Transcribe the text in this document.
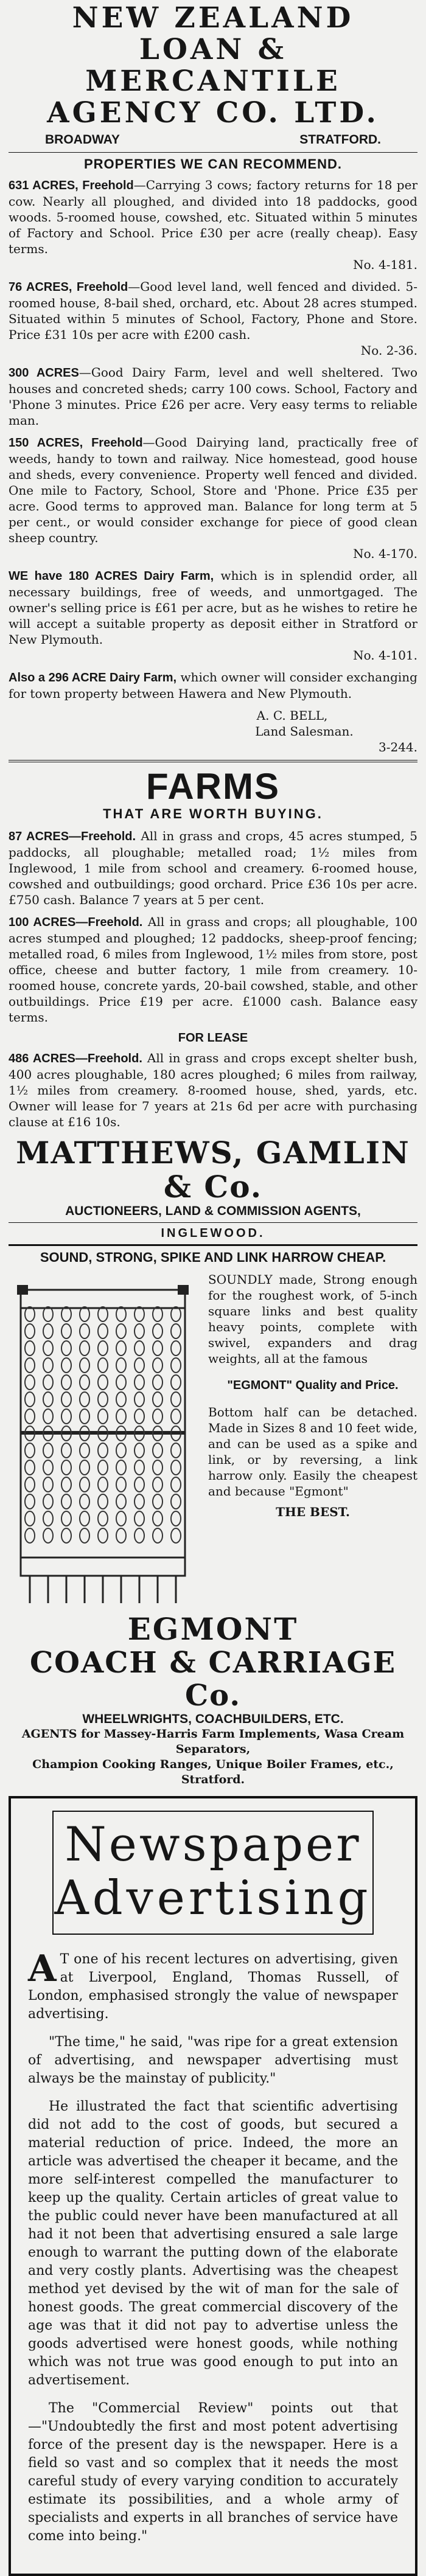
NEW ZEALAND
LOAN & MERCANTILE
AGENCY CO. LTD.
BROADWAY	STRATFORD.
PROPERTIES WE CAN RECOMMEND.
631 ACRES, Freehold—Carrying 3 cows; factory returns for 18 per cow. Nearly all ploughed, and divided into 18 paddocks, good woods. 5-roomed house, cowshed, etc. Situated within 5 minutes of Factory and School. Price £30 per acre (really cheap). Easy terms.
No. 4-181.
76 ACRES, Freehold—Good level land, well fenced and divided. 5-roomed house, 8-bail shed, orchard, etc. About 28 acres stumped. Situated within 5 minutes of School, Factory, Phone and Store. Price £31 10s per acre with £200 cash.
No. 2-36.
300 ACRES—Good Dairy Farm, level and well sheltered. Two houses and concreted sheds; carry 100 cows. School, Factory and 'Phone 3 minutes. Price £26 per acre. Very easy terms to reliable man.
150 ACRES, Freehold—Good Dairying land, practically free of weeds, handy to town and railway. Nice homestead, good house and sheds, every convenience. Property well fenced and divided. One mile to Factory, School, Store and 'Phone. Price £35 per acre. Good terms to approved man. Balance for long term at 5 per cent., or would consider exchange for piece of good clean sheep country.
No. 4-170.
WE have 180 ACRES Dairy Farm, which is in splendid order, all necessary buildings, free of weeds, and unmortgaged. The owner's selling price is £61 per acre, but as he wishes to retire he will accept a suitable property as deposit either in Stratford or New Plymouth.
No. 4-101.
Also a 296 ACRE Dairy Farm, which owner will consider exchanging for town property between Hawera and New Plymouth.
A. C. BELL,
Land Salesman.
3-244.
FARMS
THAT ARE WORTH BUYING.
87 ACRES—Freehold. All in grass and crops, 45 acres stumped, 5 paddocks, all ploughable; metalled road; 1½ miles from Inglewood, 1 mile from school and creamery. 6-roomed house, cowshed and outbuildings; good orchard. Price £36 10s per acre. £750 cash. Balance 7 years at 5 per cent.
100 ACRES—Freehold. All in grass and crops; all ploughable, 100 acres stumped and ploughed; 12 paddocks, sheep-proof fencing; metalled road, 6 miles from Inglewood, 1½ miles from store, post office, cheese and butter factory, 1 mile from creamery. 10-roomed house, concrete yards, 20-bail cowshed, stable, and other outbuildings. Price £19 per acre. £1000 cash. Balance easy terms.
FOR LEASE
486 ACRES—Freehold. All in grass and crops except shelter bush, 400 acres ploughable, 180 acres ploughed; 6 miles from railway, 1½ miles from creamery. 8-roomed house, shed, yards, etc. Owner will lease for 7 years at 21s 6d per acre with purchasing clause at £16 10s.
MATTHEWS, GAMLIN & Co.
AUCTIONEERS, LAND & COMMISSION AGENTS,
INGLEWOOD.
SOUND, STRONG, SPIKE AND LINK HARROW CHEAP.
SOUNDLY made, Strong enough for the roughest work, of 5-inch square links and best quality heavy points, complete with swivel, expanders and drag weights, all at the famous
"EGMONT" Quality and Price.
Bottom half can be detached. Made in Sizes 8 and 10 feet wide, and can be used as a spike and link, or by reversing, a link harrow only. Easily the cheapest and because "Egmont"
THE BEST.
EGMONT
COACH & CARRIAGE Co.
WHEELWRIGHTS, COACHBUILDERS, ETC.
AGENTS for Massey-Harris Farm Implements, Wasa Cream Separators,
Champion Cooking Ranges, Unique Boiler Frames, etc., Stratford.
Newspaper
Advertising

A T one of his recent lectures on advertising, given at Liverpool, England, Thomas Russell, of London, emphasised strongly the value of newspaper advertising.

"The time," he said, "was ripe for a great extension of advertising, and newspaper advertising must always be the mainstay of publicity."

He illustrated the fact that scientific advertising did not add to the cost of goods, but secured a material reduction of price. Indeed, the more an article was advertised the cheaper it became, and the more self-interest compelled the manufacturer to keep up the quality. Certain articles of great value to the public could never have been manufactured at all had it not been that advertising ensured a sale large enough to warrant the putting down of the elaborate and very costly plants. Advertising was the cheapest method yet devised by the wit of man for the sale of honest goods. The great commercial discovery of the age was that it did not pay to advertise unless the goods advertised were honest goods, while nothing which was not true was good enough to put into an advertisement.

The "Commercial Review" points out that—"Undoubtedly the first and most potent advertising force of the present day is the newspaper. Here is a field so vast and so complex that it needs the most careful study of every varying condition to accurately estimate its possibilities, and a whole army of specialists and experts in all branches of service have come into being."
